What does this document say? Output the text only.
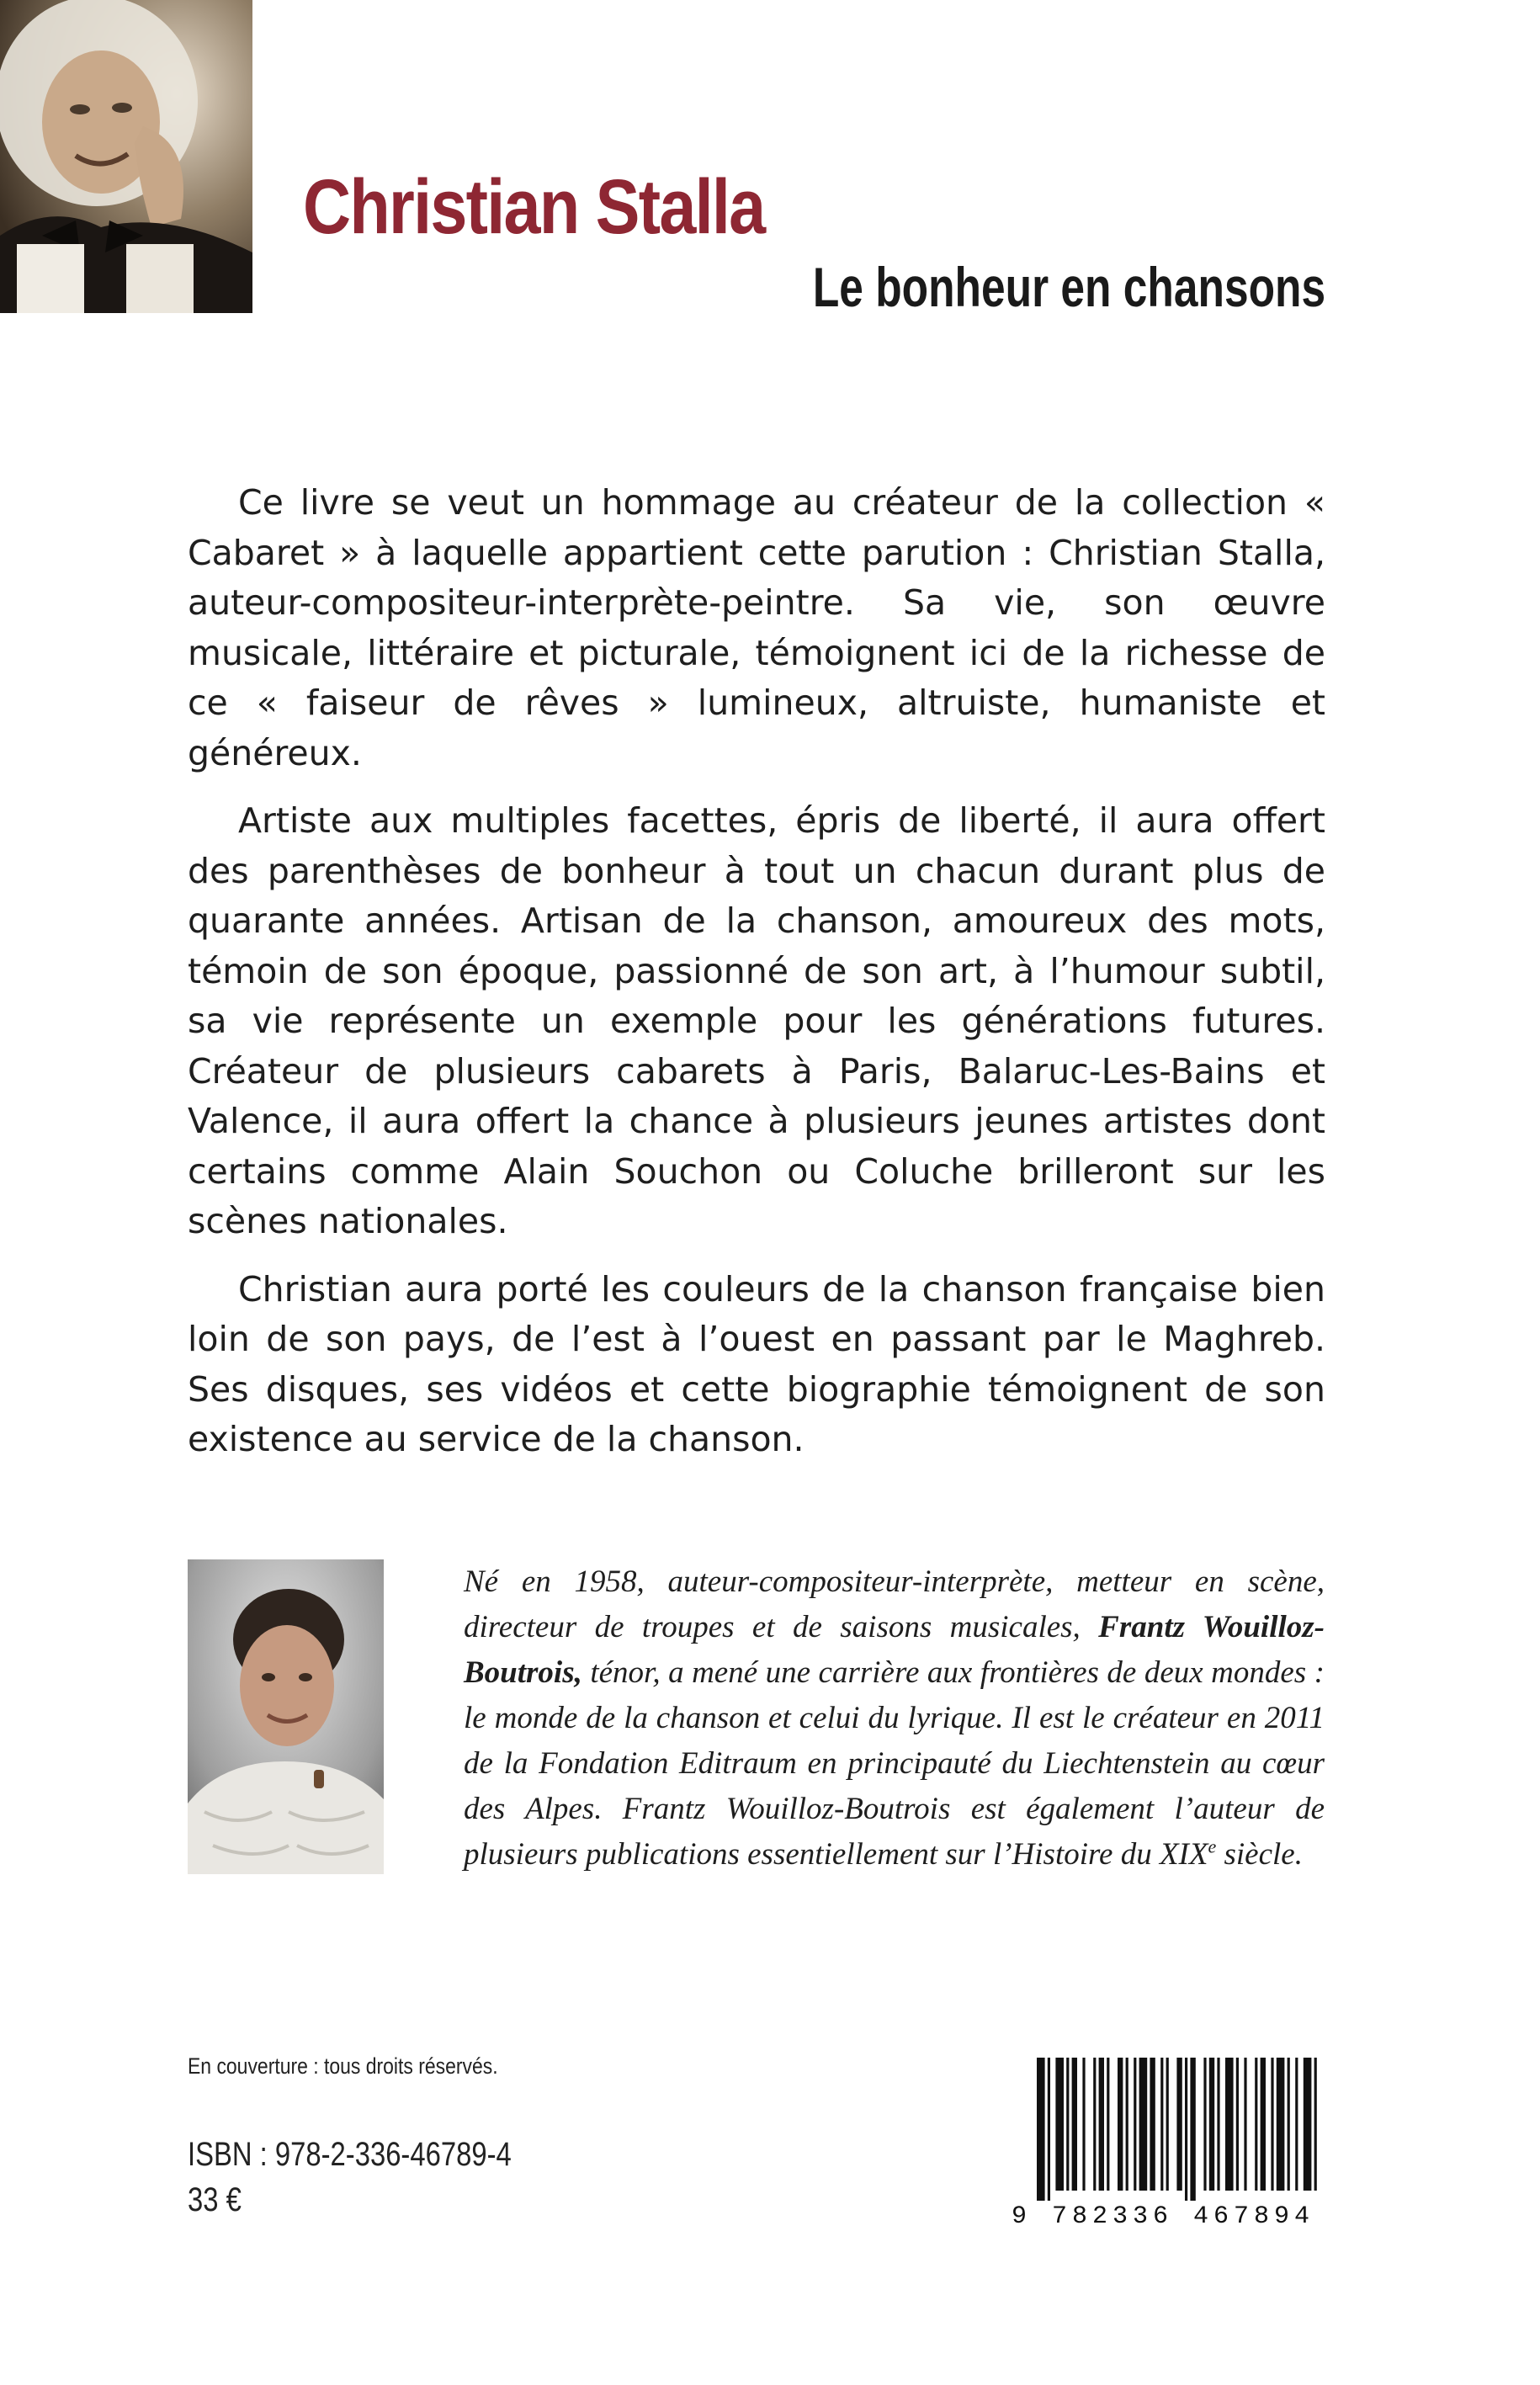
Christian Stalla
Le bonheur en chansons

Ce livre se veut un hommage au créateur de la collection « Cabaret » à laquelle appartient cette parution : Christian Stalla, auteur-compositeur-interprète-peintre. Sa vie, son œuvre musicale, littéraire et picturale, témoignent ici de la richesse de ce « faiseur de rêves » lumineux, altruiste, humaniste et généreux.

Artiste aux multiples facettes, épris de liberté, il aura offert des parenthèses de bonheur à tout un chacun durant plus de quarante années. Artisan de la chanson, amoureux des mots, témoin de son époque, passionné de son art, à l’humour subtil, sa vie représente un exemple pour les générations futures. Créateur de plusieurs cabarets à Paris, Balaruc-Les-Bains et Valence, il aura offert la chance à plusieurs jeunes artistes dont certains comme Alain Souchon ou Coluche brilleront sur les scènes nationales.

Christian aura porté les couleurs de la chanson française bien loin de son pays, de l’est à l’ouest en passant par le Maghreb. Ses disques, ses vidéos et cette biographie témoignent de son existence au service de la chanson.

Né en 1958, auteur-compositeur-interprète, metteur en scène, directeur de troupes et de saisons musicales, Frantz Wouilloz-Boutrois, ténor, a mené une carrière aux frontières de deux mondes : le monde de la chanson et celui du lyrique. Il est le créateur en 2011 de la Fondation Editraum en principauté du Liechtenstein au cœur des Alpes. Frantz Wouilloz-Boutrois est également l’auteur de plusieurs publications essentiellement sur l’Histoire du XIXe siècle.
En couverture : tous droits réservés.
ISBN : 978-2-336-46789-4
33 €	9 782336 467894
